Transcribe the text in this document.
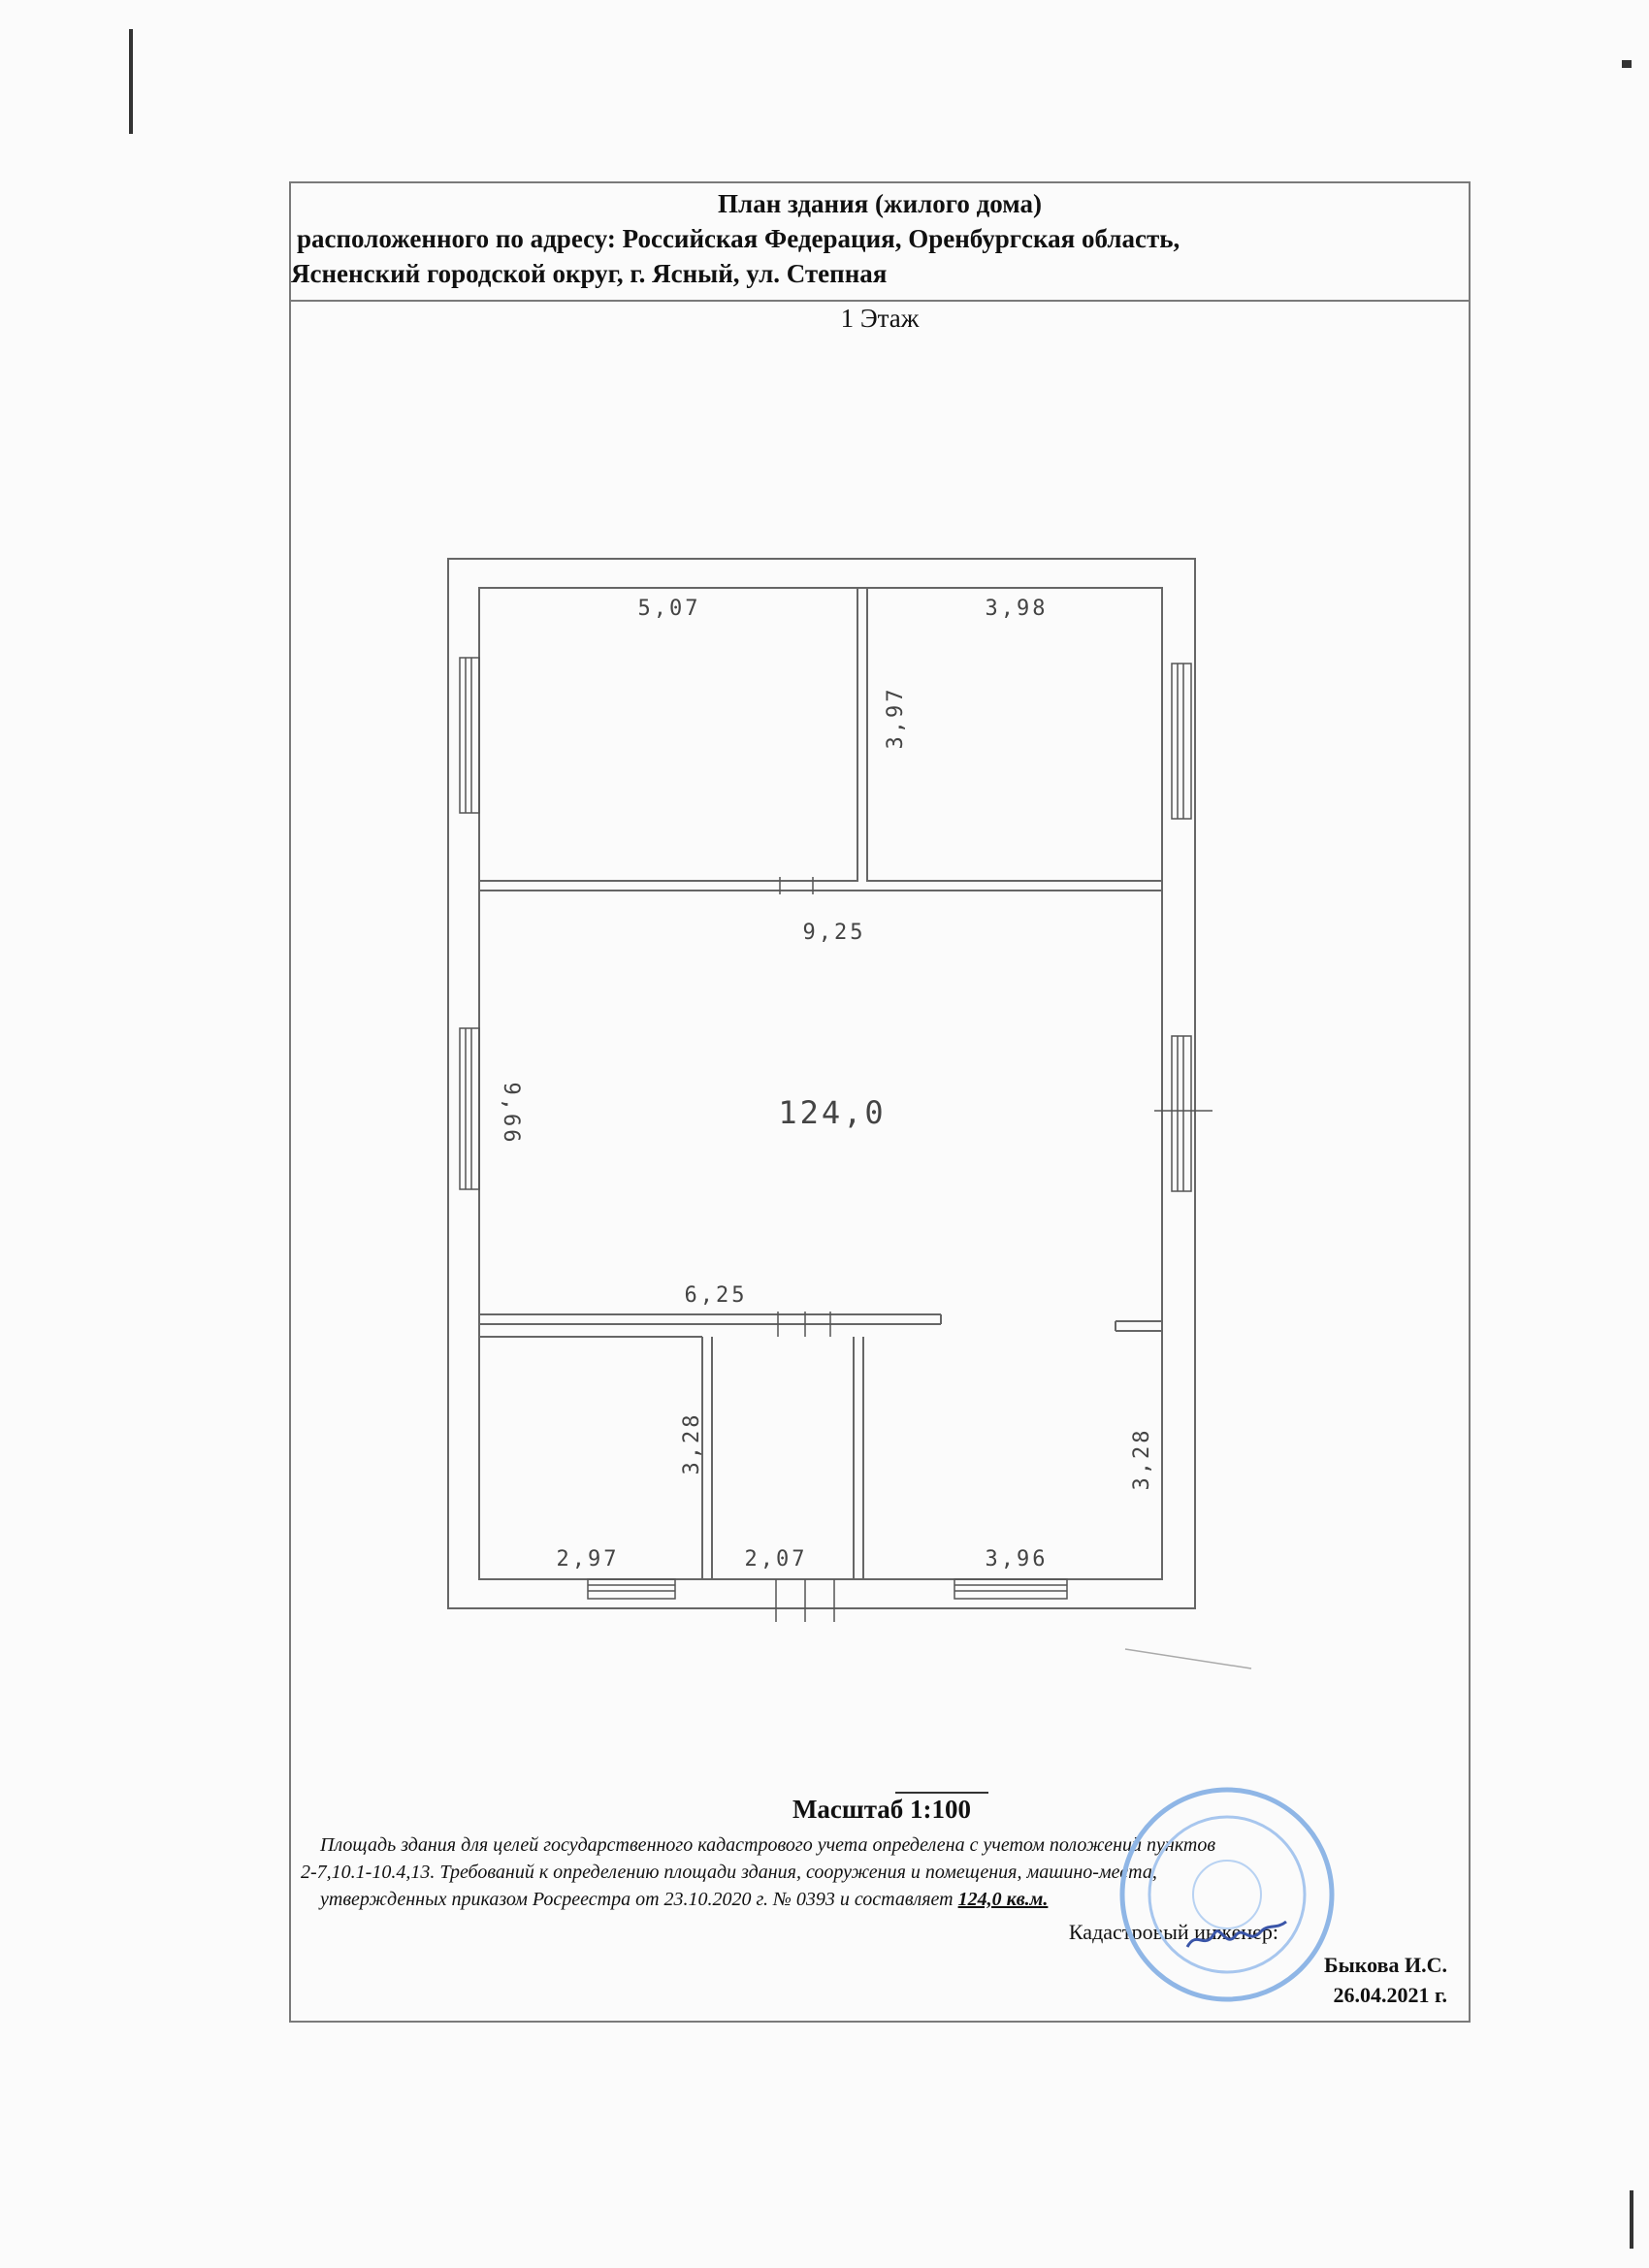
План здания (жилого дома)
расположенного по адресу: Российская Федерация, Оренбургская область,
Ясненский городской округ, г. Ясный, ул. Степная
1 Этаж
Масштаб 1:100
Площадь здания для целей государственного кадастрового учета определена с учетом положений пунктов
2-7,10.1-10.4,13. Требований к определению площади здания, сооружения и помещения, машино-места,
утвержденных приказом Росреестра от 23.10.2020 г. № 0393 и составляет 124,0 кв.м.
Кадастровый инженер:
Быкова И.С.
26.04.2021 г.
5,07	3,98
3,97
9,25
9,66	124,0
6,25
3,28	3,28
2,97	2,07	3,96
